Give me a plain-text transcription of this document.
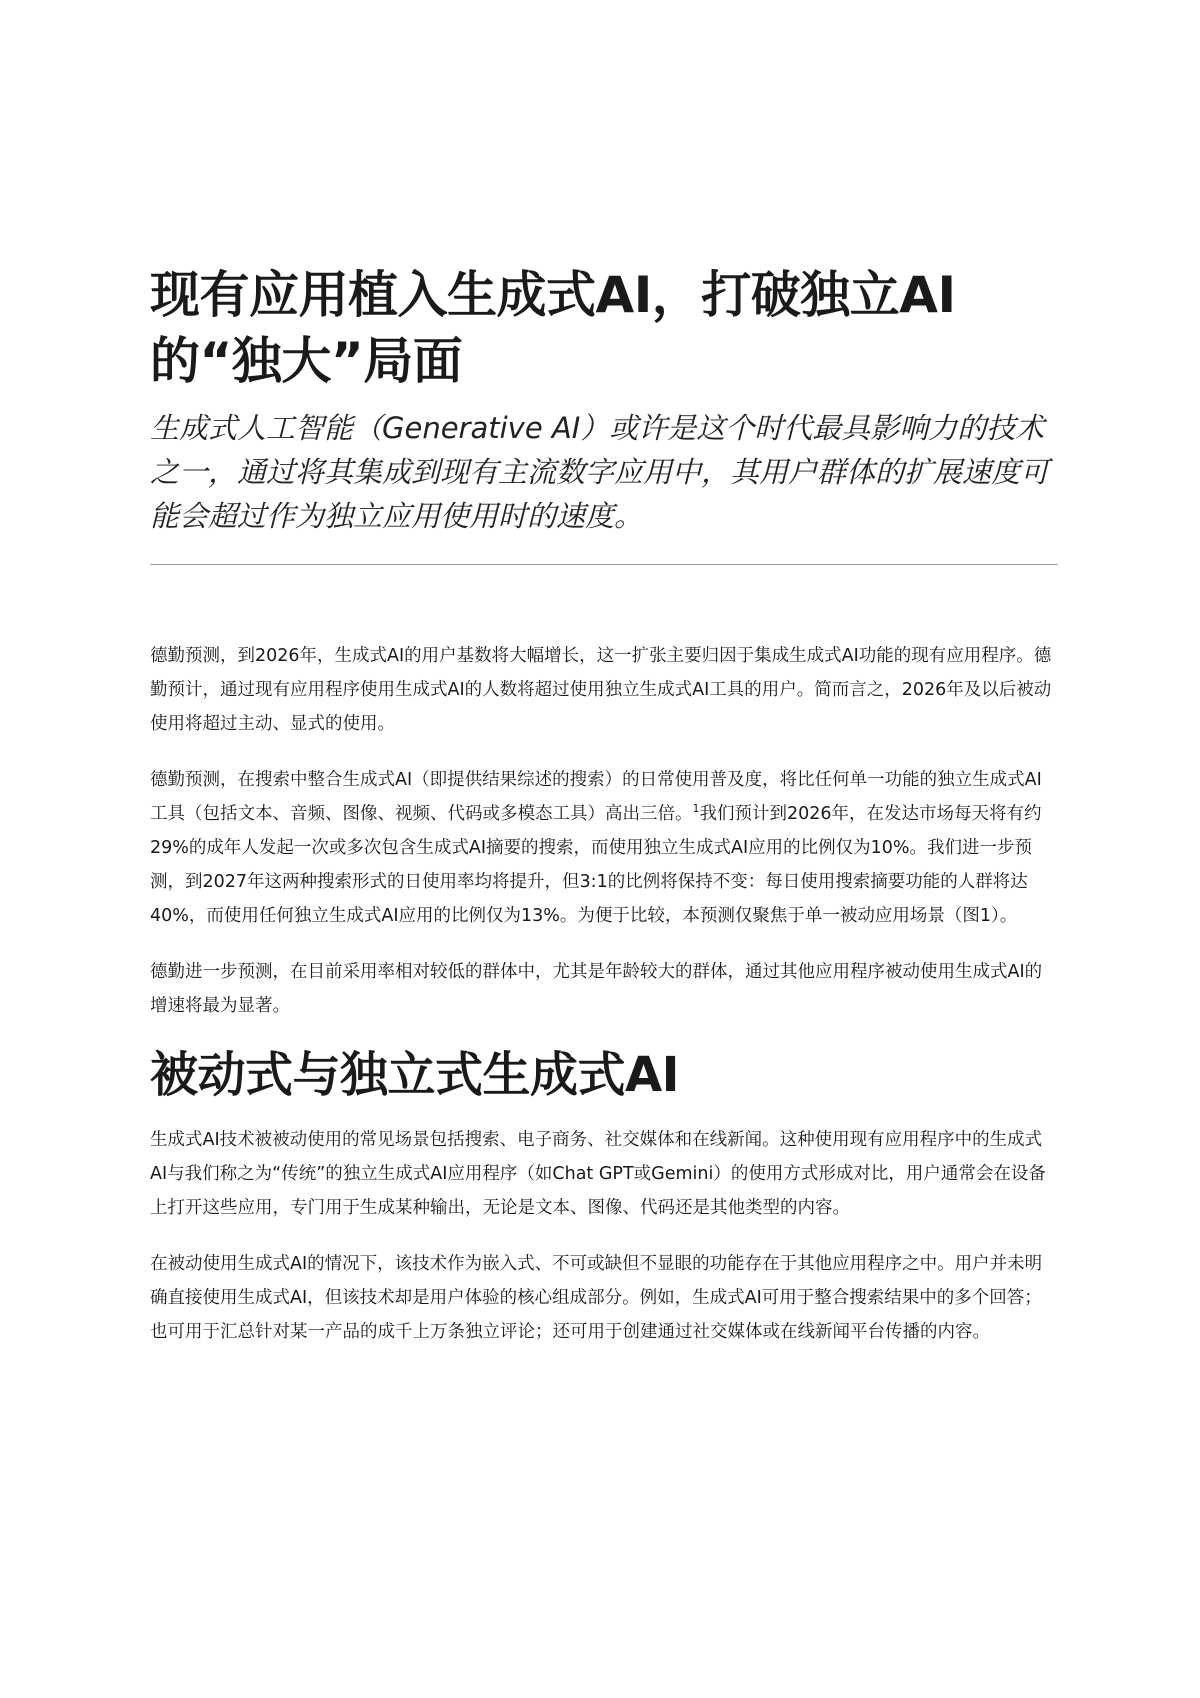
现有应用植入生成式AI，打破独立AI的“独大”局面

生成式人工智能（Generative AI）或许是这个时代最具影响力的技术之一，通过将其集成到现有主流数字应用中，其用户群体的扩展速度可能会超过作为独立应用使用时的速度。

德勤预测，到2026年，生成式AI的用户基数将大幅增长，这一扩张主要归因于集成生成式AI功能的现有应用程序。德勤预计，通过现有应用程序使用生成式AI的人数将超过使用独立生成式AI工具的用户。简而言之，2026年及以后被动使用将超过主动、显式的使用。

德勤预测，在搜索中整合生成式AI（即提供结果综述的搜索）的日常使用普及度，将比任何单一功能的独立生成式AI工具（包括文本、音频、图像、视频、代码或多模态工具）高出三倍。$^1$我们预计到2026年，在发达市场每天将有约29%的成年人发起一次或多次包含生成式AI摘要的搜索，而使用独立生成式AI应用的比例仅为10%。我们进一步预测，到2027年这两种搜索形式的日使用率均将提升，但3:1的比例将保持不变：每日使用搜索摘要功能的人群将达40%，而使用任何独立生成式AI应用的比例仅为13%。为便于比较，本预测仅聚焦于单一被动应用场景（图1）。

德勤进一步预测，在目前采用率相对较低的群体中，尤其是年龄较大的群体，通过其他应用程序被动使用生成式AI的增速将最为显著。

被动式与独立式生成式AI

生成式AI技术被被动使用的常见场景包括搜索、电子商务、社交媒体和在线新闻。这种使用现有应用程序中的生成式AI与我们称之为“传统”的独立生成式AI应用程序（如Chat GPT或Gemini）的使用方式形成对比，用户通常会在设备上打开这些应用，专门用于生成某种输出，无论是文本、图像、代码还是其他类型的内容。

在被动使用生成式AI的情况下，该技术作为嵌入式、不可或缺但不显眼的功能存在于其他应用程序之中。用户并未明确直接使用生成式AI，但该技术却是用户体验的核心组成部分。例如，生成式AI可用于整合搜索结果中的多个回答；也可用于汇总针对某一产品的成千上万条独立评论；还可用于创建通过社交媒体或在线新闻平台传播的内容。
